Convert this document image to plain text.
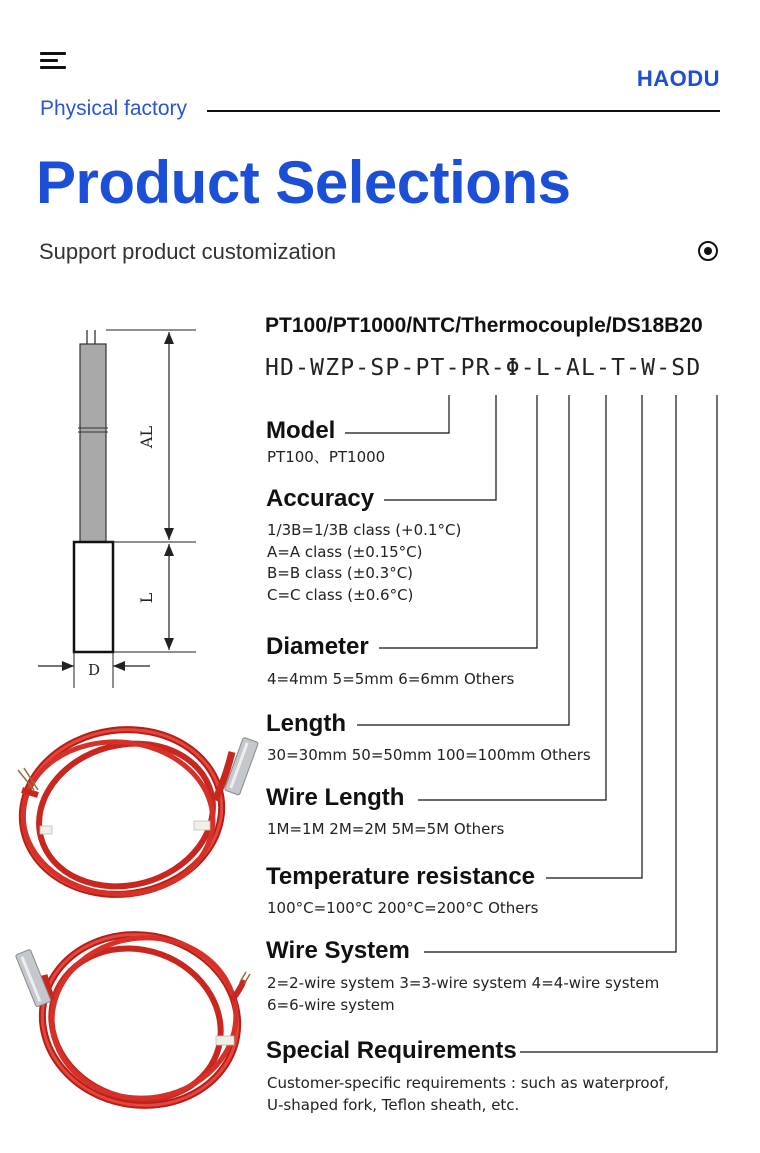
HAODU
Physical factory
Product Selections
Support product customization
AL
L
D
PT100/PT1000/NTC/Thermocouple/DS18B20
HD-WZP-SP-PT-PR-Φ-L-AL-T-W-SD
Model
PT100、PT1000
Accuracy
1/3B=1/3B class (+0.1°C)
A=A class (±0.15°C)
B=B class (±0.3°C)
C=C class (±0.6°C)
Diameter
4=4mm 5=5mm 6=6mm Others
Length
30=30mm 50=50mm 100=100mm Others
Wire Length
1M=1M 2M=2M 5M=5M Others
Temperature resistance
100°C=100°C 200°C=200°C Others
Wire System
2=2-wire system 3=3-wire system 4=4-wire system
6=6-wire system
Special Requirements
Customer-specific requirements : such as waterproof,
U-shaped fork, Teflon sheath, etc.
